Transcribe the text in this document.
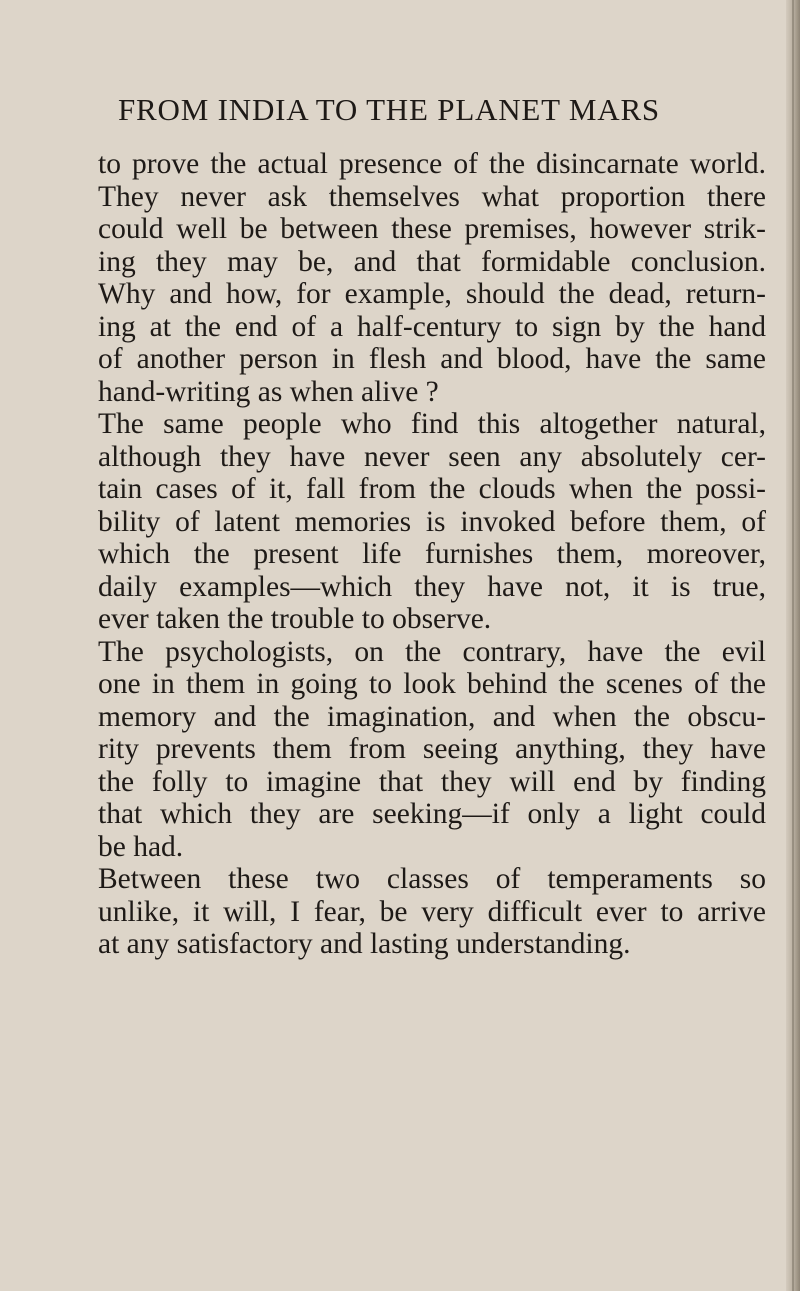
FROM INDIA TO THE PLANET MARS
to prove the actual presence of the disincarnate world.
They never ask themselves what proportion there
could well be between these premises, however strik-
ing they may be, and that formidable conclusion.
Why and how, for example, should the dead, return-
ing at the end of a half-century to sign by the hand
of another person in flesh and blood, have the same
hand-writing as when alive ?
The same people who find this altogether natural,
although they have never seen any absolutely cer-
tain cases of it, fall from the clouds when the possi-
bility of latent memories is invoked before them, of
which the present life furnishes them, moreover,
daily examples—which they have not, it is true,
ever taken the trouble to observe.
The psychologists, on the contrary, have the evil
one in them in going to look behind the scenes of the
memory and the imagination, and when the obscu-
rity prevents them from seeing anything, they have
the folly to imagine that they will end by finding
that which they are seeking—if only a light could
be had.
Between these two classes of temperaments so
unlike, it will, I fear, be very difficult ever to arrive
at any satisfactory and lasting understanding.
